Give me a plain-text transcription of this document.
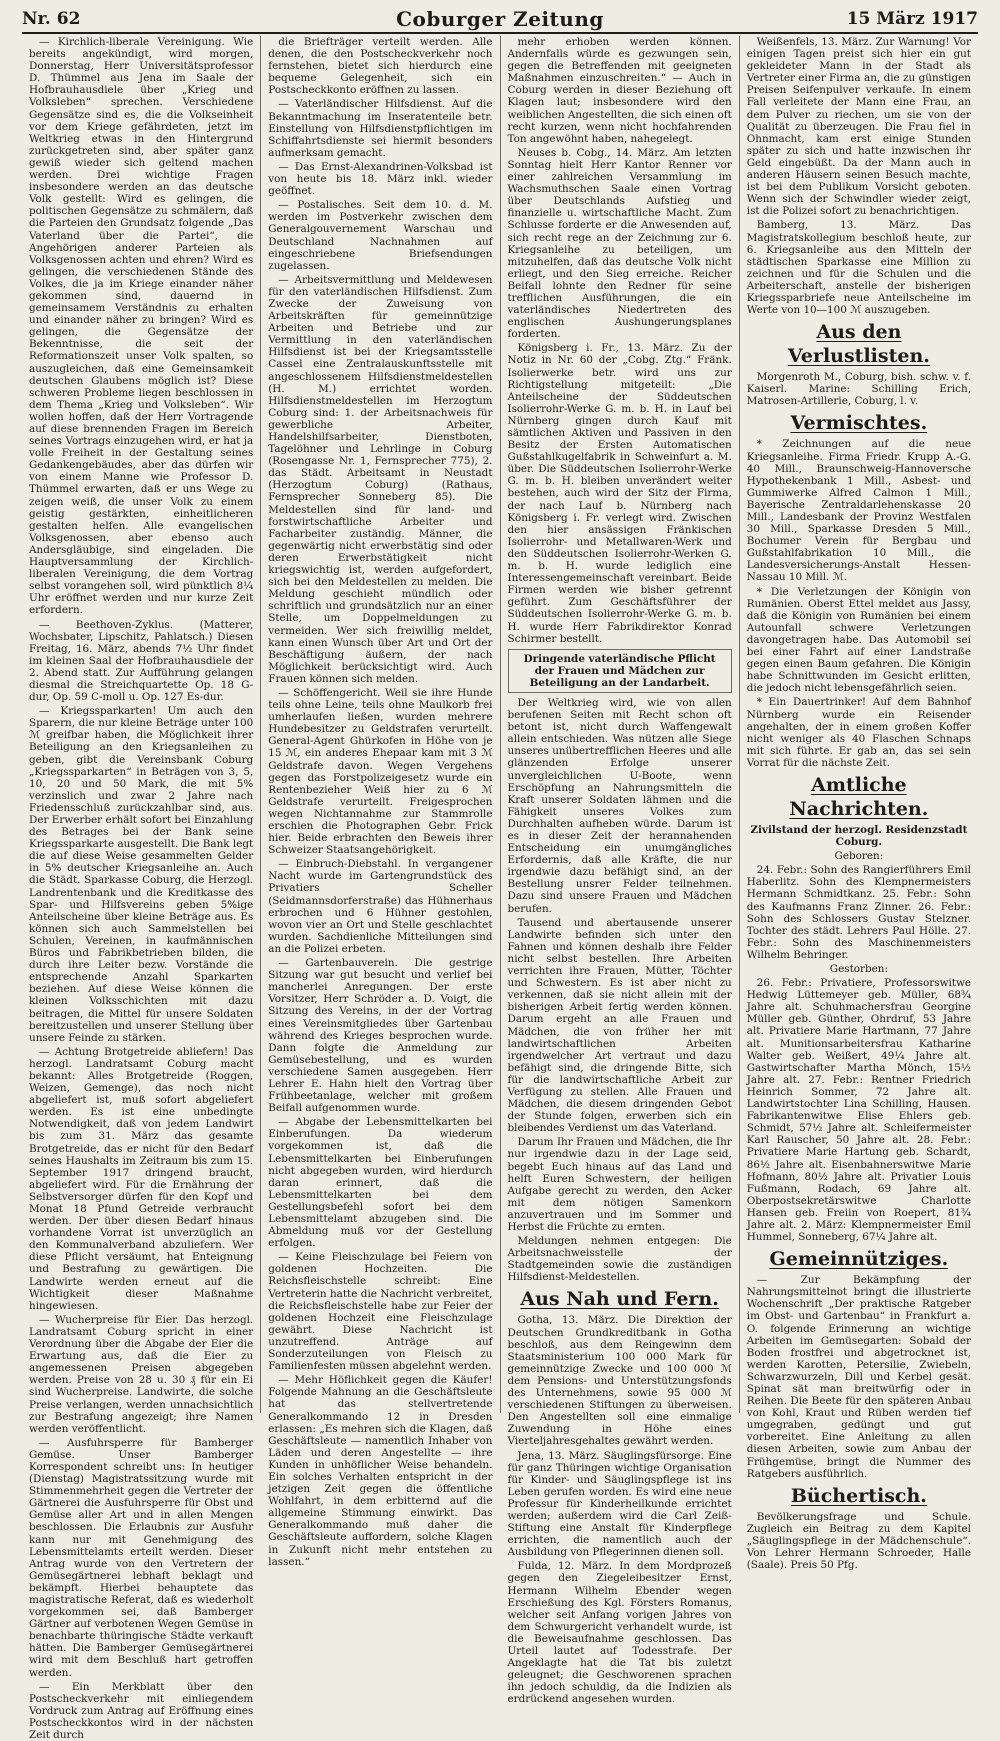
Nr. 62	Coburger Zeitung	15 März 1917

— Kirchlich-liberale Vereinigung. Wie bereits angekündigt, wird morgen, Donnerstag, Herr Universitätsprofessor D. Thümmel aus Jena im Saale der Hofbrauhausdiele über „Krieg und Volksleben“ sprechen. Verschiedene Gegensätze sind es, die die Volkseinheit vor dem Kriege gefährdeten, jetzt im Weltkrieg etwas in den Hintergrund zurückgetreten sind, aber später ganz gewiß wieder sich geltend machen werden. Drei wichtige Fragen insbesondere werden an das deutsche Volk gestellt: Wird es gelingen, die politischen Gegensätze zu schmälern, daß die Parteien den Grundsatz folgende „Das Vaterland über die Partei“, die Angehörigen anderer Parteien als Volksgenossen achten und ehren? Wird es gelingen, die verschiedenen Stände des Volkes, die ja im Kriege einander näher gekommen sind, dauernd in gemeinsamem Verständnis zu erhalten und einander näher zu bringen? Wird es gelingen, die Gegensätze der Bekenntnisse, die seit der Reformationszeit unser Volk spalten, so auszugleichen, daß eine Gemeinsamkeit deutschen Glaubens möglich ist? Diese schweren Probleme liegen beschlossen in dem Thema „Krieg und Volksleben“. Wir wollen hoffen, daß der Herr Vortragende auf diese brennenden Fragen im Bereich seines Vortrags einzugehen wird, er hat ja volle Freiheit in der Gestaltung seines Gedankengebäudes, aber das dürfen wir von einem Manne wie Professor D. Thümmel erwarten, daß er uns Wege zu zeigen weiß, die unser Volk zu einem geistig gestärkten, einheitlicheren gestalten helfen. Alle evangelischen Volksgenossen, aber ebenso auch Andersgläubige, sind eingeladen. Die Hauptversammlung der Kirchlich-liberalen Vereinigung, die dem Vortrag selbst vorangehen soll, wird pünktlich 8¼ Uhr eröffnet werden und nur kurze Zeit erfordern.

— Beethoven-Zyklus. (Matterer, Wochsbater, Lipschitz, Pahlatsch.) Diesen Freitag, 16. März, abends 7½ Uhr findet im kleinen Saal der Hofbrauhausdiele der 2. Abend statt. Zur Aufführung gelangen diesmal die Streichquartette Op. 18 G-dur, Op. 59 C-moll u. Op. 127 Es-dur.

— Kriegssparkarten! Um auch den Sparern, die nur kleine Beträge unter 100 ℳ greifbar haben, die Möglichkeit ihrer Beteiligung an den Kriegsanleihen zu geben, gibt die Vereinsbank Coburg „Kriegssparkarten“ in Beträgen von 3, 5, 10, 20 und 50 Mark, die mit 5% verzinslich und zwar 2 Jahre nach Friedensschluß zurückzahlbar sind, aus. Der Erwerber erhält sofort bei Einzahlung des Betrages bei der Bank seine Kriegssparkarte ausgestellt. Die Bank legt die auf diese Weise gesammelten Gelder in 5% deutscher Kriegsanleihe an. Auch die Städt. Sparkasse Coburg, die Herzogl. Landrentenbank und die Kreditkasse des Spar- und Hilfsvereins geben 5%ige Anteilscheine über kleine Beträge aus. Es können sich auch Sammelstellen bei Schulen, Vereinen, in kaufmännischen Büros und Fabrikbetrieben bilden, die durch ihre Leiter bezw. Vorstände die entsprechende Anzahl Sparkarten beziehen. Auf diese Weise können die kleinen Volksschichten mit dazu beitragen, die Mittel für unsere Soldaten bereitzustellen und unserer Stellung über unsere Feinde zu stärken.

— Achtung Brotgetreide abliefern! Das herzogl. Landratsamt Coburg macht bekannt: Alles Brotgetreide (Roggen, Weizen, Gemenge), das noch nicht abgeliefert ist, muß sofort abgeliefert werden. Es ist eine unbedingte Notwendigkeit, daß von jedem Landwirt bis zum 31. März das gesamte Brotgetreide, das er nicht für den Bedarf seines Haushalts im Zeitraum bis zum 15. September 1917 dringend braucht, abgeliefert wird. Für die Ernährung der Selbstversorger dürfen für den Kopf und Monat 18 Pfund Getreide verbraucht werden. Der über diesen Bedarf hinaus vorhandene Vorrat ist unverzüglich an den Kommunalverband abzuliefern. Wer diese Pflicht versäumt, hat Enteignung und Bestrafung zu gewärtigen. Die Landwirte werden erneut auf die Wichtigkeit dieser Maßnahme hingewiesen.

— Wucherpreise für Eier. Das herzogl. Landratsamt Coburg spricht in einer Verordnung über die Abgabe der Eier die Erwartung aus, daß die Eier zu angemessenen Preisen abgegeben werden. Preise von 28 u. 30 ₰ für ein Ei sind Wucherpreise. Landwirte, die solche Preise verlangen, werden unnachsichtlich zur Bestrafung angezeigt; ihre Namen werden veröffentlicht.

— Ausfuhrsperre für Bamberger Gemüse. Unser Bamberger Korrespondent schreibt uns: In heutiger (Dienstag) Magistratssitzung wurde mit Stimmenmehrheit gegen die Vertreter der Gärtnerei die Ausfuhrsperre für Obst und Gemüse aller Art und in allen Mengen beschlossen. Die Erlaubnis zur Ausfuhr kann nur mit Genehmigung des Lebensmittelamts erteilt werden. Dieser Antrag wurde von den Vertretern der Gemüsegärtnerei lebhaft beklagt und bekämpft. Hierbei behauptete das magistratische Referat, daß es wiederholt vorgekommen sei, daß Bamberger Gärtner auf verbotenen Wegen Gemüse in benachbarte thüringische Städte verkauft hätten. Die Bamberger Gemüsegärtnerei wird mit dem Beschluß hart getroffen werden.

— Ein Merkblatt über den Postscheckverkehr mit einliegendem Vordruck zum Antrag auf Eröffnung eines Postscheckkontos wird in der nächsten Zeit durch

die Briefträger verteilt werden. Alle denen, die den Postscheckverkehr noch fernstehen, bietet sich hierdurch eine bequeme Gelegenheit, sich ein Postscheckkonto eröffnen zu lassen.

— Vaterländischer Hilfsdienst. Auf die Bekanntmachung im Inseratenteile betr. Einstellung von Hilfsdienstpflichtigen im Schiffahrtsdienste sei hiermit besonders aufmerksam gemacht.

— Das Ernst-Alexandrinen-Volksbad ist von heute bis 18. März inkl. wieder geöffnet.

— Postalisches. Seit dem 10. d. M. werden im Postverkehr zwischen dem Generalgouvernement Warschau und Deutschland Nachnahmen auf eingeschriebene Briefsendungen zugelassen.

— Arbeitsvermittlung und Meldewesen für den vaterländischen Hilfsdienst. Zum Zwecke der Zuweisung von Arbeitskräften für gemeinnützige Arbeiten und Betriebe und zur Vermittlung in den vaterländischen Hilfsdienst ist bei der Kriegsamtsstelle Cassel eine Zentralauskunftsstelle mit angeschlossenem Hilfsdienstmeldestellen (H. M.) errichtet worden. Hilfsdienstmeldestellen im Herzogtum Coburg sind: 1. der Arbeitsnachweis für gewerbliche Arbeiter, Handelshilfsarbeiter, Dienstboten, Tagelöhner und Lehrlinge in Coburg (Rosengasse Nr. 1, Fernsprecher 775), 2. das Städt. Arbeitsamt in Neustadt (Herzogtum Coburg) (Rathaus, Fernsprecher Sonneberg 85). Die Meldestellen sind für land- und forstwirtschaftliche Arbeiter und Facharbeiter zuständig. Männer, die gegenwärtig nicht erwerbstätig sind oder deren Erwerbstätigkeit nicht kriegswichtig ist, werden aufgefordert, sich bei den Meldestellen zu melden. Die Meldung geschieht mündlich oder schriftlich und grundsätzlich nur an einer Stelle, um Doppelmeldungen zu vermeiden. Wer sich freiwillig meldet, kann einen Wunsch über Art und Ort der Beschäftigung äußern, der nach Möglichkeit berücksichtigt wird. Auch Frauen können sich melden.

— Schöffengericht. Weil sie ihre Hunde teils ohne Leine, teils ohne Maulkorb frei umherlaufen ließen, wurden mehrere Hundebesitzer zu Geldstrafen verurteilt. General-Agent Ghürkofen in Höhe von je 15 ℳ, ein anderes Ehepaar kam mit 3 ℳ Geldstrafe davon. Wegen Vergehens gegen das Forstpolizeigesetz wurde ein Rentenbezieher Weiß hier zu 6 ℳ Geldstrafe verurteilt. Freigesprochen wegen Nichtannahme zur Stammrolle erschien die Photographen Gebr. Frick hier. Beide erbrachten den Beweis ihrer Schweizer Staatsangehörigkeit.

— Einbruch-Diebstahl. In vergangener Nacht wurde im Gartengrundstück des Privatiers Scheller (Seidmannsdorferstraße) das Hühnerhaus erbrochen und 6 Hühner gestohlen, wovon vier an Ort und Stelle geschlachtet wurden. Sachdienliche Mitteilungen sind an die Polizei erbeten.

— Gartenbauverein. Die gestrige Sitzung war gut besucht und verlief bei mancherlei Anregungen. Der erste Vorsitzer, Herr Schröder a. D. Voigt, die Sitzung des Vereins, in der der Vortrag eines Vereinsmitgliedes über Gartenbau während des Krieges besprochen wurde. Dann folgte die Anmeldung zur Gemüsebestellung, und es wurden verschiedene Samen ausgegeben. Herr Lehrer E. Hahn hielt den Vortrag über Frühbeetanlage, welcher mit großem Beifall aufgenommen wurde.

— Abgabe der Lebensmittelkarten bei Einberufungen. Da wiederum vorgekommen ist, daß die Lebensmittelkarten bei Einberufungen nicht abgegeben wurden, wird hierdurch daran erinnert, daß die Lebensmittelkarten bei dem Gestellungsbefehl sofort bei dem Lebensmittelamt abzugeben sind. Die Abmeldung muß vor der Gestellung erfolgen.

— Keine Fleischzulage bei Feiern von goldenen Hochzeiten. Die Reichsfleischstelle schreibt: Eine Vertreterin hatte die Nachricht verbreitet, die Reichsfleischstelle habe zur Feier der goldenen Hochzeit eine Fleischzulage gewährt. Diese Nachricht ist unzutreffend. Anträge auf Sonderzuteilungen von Fleisch zu Familienfesten müssen abgelehnt werden.

— Mehr Höflichkeit gegen die Käufer! Folgende Mahnung an die Geschäftsleute hat das stellvertretende Generalkommando 12 in Dresden erlassen: „Es mehren sich die Klagen, daß Geschäftsleute — namentlich Inhaber von Läden und deren Angestellte — ihre Kunden in unhöflicher Weise behandeln. Ein solches Verhalten entspricht in der jetzigen Zeit gegen die öffentliche Wohlfahrt, in dem erbitternd auf die allgemeine Stimmung einwirkt. Das Generalkommando muß daher die Geschäftsleute auffordern, solche Klagen in Zukunft nicht mehr entstehen zu lassen.“

mehr erhoben werden können. Andernfalls würde es gezwungen sein, gegen die Betreffenden mit geeigneten Maßnahmen einzuschreiten.“ — Auch in Coburg werden in dieser Beziehung oft Klagen laut; insbesondere wird den weiblichen Angestellten, die sich einen oft recht kurzen, wenn nicht hochfahrenden Ton angewöhnt haben, nahegelegt.

Neuses b. Cobg., 14. März. Am letzten Sonntag hielt Herr Kantor Renner vor einer zahlreichen Versammlung im Wachsmuthschen Saale einen Vortrag über Deutschlands Aufstieg und finanzielle u. wirtschaftliche Macht. Zum Schlusse forderte er die Anwesenden auf, sich recht rege an der Zeichnung zur 6. Kriegsanleihe zu beteiligen, um mitzuhelfen, daß das deutsche Volk nicht erliegt, und den Sieg erreiche. Reicher Beifall lohnte den Redner für seine trefflichen Ausführungen, die ein vaterländisches Niedertreten des englischen Aushungerungsplanes forderten.

Königsberg i. Fr., 13. März. Zu der Notiz in Nr. 60 der „Cobg. Ztg.“ Fränk. Isolierwerke betr. wird uns zur Richtigstellung mitgeteilt: „Die Anteilscheine der Süddeutschen Isolierrohr-Werke G. m. b. H. in Lauf bei Nürnberg gingen durch Kauf mit sämtlichen Aktiven und Passiven in den Besitz der Ersten Automatischen Gußstahlkugelfabrik in Schweinfurt a. M. über. Die Süddeutschen Isolierrohr-Werke G. m. b. H. bleiben unverändert weiter bestehen, auch wird der Sitz der Firma, der nach Lauf b. Nürnberg nach Königsberg i. Fr. verlegt wird. Zwischen den hier ansässigen Fränkischen Isolierrohr- und Metallwaren-Werk und den Süddeutschen Isolierrohr-Werken G. m. b. H. wurde lediglich eine Interessengemeinschaft vereinbart. Beide Firmen werden wie bisher getrennt geführt. Zum Geschäftsführer der Süddeutschen Isolierrohr-Werke G. m. b. H. wurde Herr Fabrikdirektor Konrad Schirmer bestellt.

Dringende vaterländische Pflicht der Frauen und Mädchen zur Beteiligung an der Landarbeit.

Der Weltkrieg wird, wie von allen berufenen Seiten mit Recht schon oft betont ist, nicht durch Waffengewalt allein entschieden. Was nützen alle Siege unseres unübertrefflichen Heeres und alle glänzenden Erfolge unserer unvergleichlichen U-Boote, wenn Erschöpfung an Nahrungsmitteln die Kraft unserer Soldaten lähmen und die Fähigkeit unseres Volkes zum Durchhalten aufheben würde. Darum ist es in dieser Zeit der herannahenden Entscheidung ein unumgängliches Erfordernis, daß alle Kräfte, die nur irgendwie dazu befähigt sind, an der Bestellung unsrer Felder teilnehmen. Dazu sind unsere Frauen und Mädchen berufen.

Tausend und abertausende unserer Landwirte befinden sich unter den Fahnen und können deshalb ihre Felder nicht selbst bestellen. Ihre Arbeiten verrichten ihre Frauen, Mütter, Töchter und Schwestern. Es ist aber nicht zu verkennen, daß sie nicht allein mit der bisherigen Arbeit fertig werden können. Darum ergeht an alle Frauen und Mädchen, die von früher her mit landwirtschaftlichen Arbeiten irgendwelcher Art vertraut und dazu befähigt sind, die dringende Bitte, sich für die landwirtschaftliche Arbeit zur Verfügung zu stellen. Alle Frauen und Mädchen, die diesem dringenden Gebot der Stunde folgen, erwerben sich ein bleibendes Verdienst um das Vaterland.

Darum Ihr Frauen und Mädchen, die Ihr nur irgendwie dazu in der Lage seid, begebt Euch hinaus auf das Land und helft Euren Schwestern, der heiligen Aufgabe gerecht zu werden, den Acker mit dem nötigen Samenkorn anzuvertrauen und im Sommer und Herbst die Früchte zu ernten.

Meldungen nehmen entgegen: Die Arbeitsnachweisstelle der Stadtgemeinden sowie die zuständigen Hilfsdienst-Meldestellen.

Aus Nah und Fern.

Gotha, 13. März. Die Direktion der Deutschen Grundkreditbank in Gotha beschloß, aus dem Reingewinn dem Staatsministerium 100 000 Mark für gemeinnützige Zwecke und 100 000 ℳ dem Pensions- und Unterstützungsfonds des Unternehmens, sowie 95 000 ℳ verschiedenen Stiftungen zu überweisen. Den Angestellten soll eine einmalige Zuwendung in Höhe eines Vierteljahresgehaltes gewährt werden.

Jena, 13. März. Säuglingsfürsorge. Eine für ganz Thüringen wichtige Organisation für Kinder- und Säuglingspflege ist ins Leben gerufen worden. Es wird eine neue Professur für Kinderheilkunde errichtet werden; außerdem wird die Carl Zeiß-Stiftung eine Anstalt für Kinderpflege errichten, die namentlich auch der Ausbildung von Pflegerinnen dienen soll.

Fulda, 12. März. In dem Mordprozeß gegen den Ziegeleibesitzer Ernst, Hermann Wilhelm Ebender wegen Erschießung des Kgl. Försters Romanus, welcher seit Anfang vorigen Jahres von dem Schwurgericht verhandelt wurde, ist die Beweisaufnahme geschlossen. Das Urteil lautet auf Todesstrafe. Der Angeklagte hat die Tat bis zuletzt geleugnet; die Geschworenen sprachen ihn jedoch schuldig, da die Indizien als erdrückend angesehen wurden.

Weißenfels, 13. März. Zur Warnung! Vor einigen Tagen preist sich hier ein gut gekleideter Mann in der Stadt als Vertreter einer Firma an, die zu günstigen Preisen Seifenpulver verkaufe. In einem Fall verleitete der Mann eine Frau, an dem Pulver zu riechen, um sie von der Qualität zu überzeugen. Die Frau fiel in Ohnmacht, kam erst einige Stunden später zu sich und hatte inzwischen ihr Geld eingebüßt. Da der Mann auch in anderen Häusern seinen Besuch machte, ist bei dem Publikum Vorsicht geboten. Wenn sich der Schwindler wieder zeigt, ist die Polizei sofort zu benachrichtigen.

Bamberg, 13. März. Das Magistratskollegium beschloß heute, zur 6. Kriegsanleihe aus den Mitteln der städtischen Sparkasse eine Million zu zeichnen und für die Schulen und die Arbeiterschaft, anstelle der bisherigen Kriegssparbriefe neue Anteilscheine im Werte von 10—100 ℳ auszugeben.

Aus den Verlustlisten.

Morgenroth M., Coburg, bish. schw. v. f. Kaiserl. Marine: Schilling Erich, Matrosen-Artillerie, Coburg, l. v.

Vermischtes.

* Zeichnungen auf die neue Kriegsanleihe. Firma Friedr. Krupp A.-G. 40 Mill., Braunschweig-Hannoversche Hypothekenbank 1 Mill., Asbest- und Gummiwerke Alfred Calmon 1 Mill., Bayerische Zentraldarlehenskasse 20 Mill., Landesbank der Provinz Westfalen 30 Mill., Sparkasse Dresden 5 Mill., Bochumer Verein für Bergbau und Gußstahlfabrikation 10 Mill., die Landesversicherungs-Anstalt Hessen-Nassau 10 Mill. ℳ.

* Die Verletzungen der Königin von Rumänien. Oberst Ettel meldet aus Jassy, daß die Königin von Rumänien bei einem Autounfall schwere Verletzungen davongetragen habe. Das Automobil sei bei einer Fahrt auf einer Landstraße gegen einen Baum gefahren. Die Königin habe Schnittwunden im Gesicht erlitten, die jedoch nicht lebensgefährlich seien.

* Ein Dauertrinker! Auf dem Bahnhof Nürnberg wurde ein Reisender angehalten, der in einem großen Koffer nicht weniger als 40 Flaschen Schnaps mit sich führte. Er gab an, das sei sein Vorrat für die nächste Zeit.

Amtliche Nachrichten.
Zivilstand der herzogl. Residenzstadt Coburg.
Geboren:

24. Febr.: Sohn des Rangierführers Emil Haberlitz. Sohn des Klempnermeisters Hermann Schmidtkanz. 25. Febr.: Sohn des Kaufmanns Franz Zinner. 26. Febr.: Sohn des Schlossers Gustav Stelzner. Tochter des städt. Lehrers Paul Hölle. 27. Febr.: Sohn des Maschinenmeisters Wilhelm Behringer.

Gestorben:

26. Febr.: Privatiere, Professorswitwe Hedwig Lüttemeyer geb. Müller, 68¾ Jahre alt. Schuhmachersfrau Georgine Müller geb. Günther, Ohrdruf, 53 Jahre alt. Privatiere Marie Hartmann, 77 Jahre alt. Munitionsarbeitersfrau Katharine Walter geb. Weißert, 49¼ Jahre alt. Gastwirtschafter Martha Mönch, 15½ Jahre alt. 27. Febr.: Rentner Friedrich Heinrich Sommer, 72 Jahre alt. Landwirtstochter Lina Schilling, Hausen. Fabrikantenwitwe Elise Ehlers geb. Schmidt, 57½ Jahre alt. Schleifermeister Karl Rauscher, 50 Jahre alt. 28. Febr.: Privatiere Marie Hartung geb. Schardt, 86½ Jahre alt. Eisenbahnerswitwe Marie Hofmann, 80½ Jahre alt. Privatier Louis Fußmann, Rodach, 69 Jahre alt. Oberpostsekretärswitwe Charlotte Hansen geb. Freiin von Roepert, 81¾ Jahre alt. 2. März: Klempnermeister Emil Hummel, Sonneberg, 67¼ Jahre alt.

Gemeinnütziges.

— Zur Bekämpfung der Nahrungsmittelnot bringt die illustrierte Wochenschrift „Der praktische Ratgeber im Obst- und Gartenbau“ in Frankfurt a. O. folgende Erinnerung an wichtige Arbeiten im Gemüsegarten: Sobald der Boden frostfrei und abgetrocknet ist, werden Karotten, Petersilie, Zwiebeln, Schwarzwurzeln, Dill und Kerbel gesät. Spinat sät man breitwürfig oder in Reihen. Die Beete für den späteren Anbau von Kohl, Kraut und Rüben werden tief umgegraben, gedüngt und gut vorbereitet. Eine Anleitung zu allen diesen Arbeiten, sowie zum Anbau der Frühgemüse, bringt die Nummer des Ratgebers ausführlich.

Büchertisch.

Bevölkerungsfrage und Schule. Zugleich ein Beitrag zu dem Kapitel „Säuglingspflege in der Mädchenschule“. Von Lehrer Hermann Schroeder, Halle (Saale). Preis 50 Pfg.
